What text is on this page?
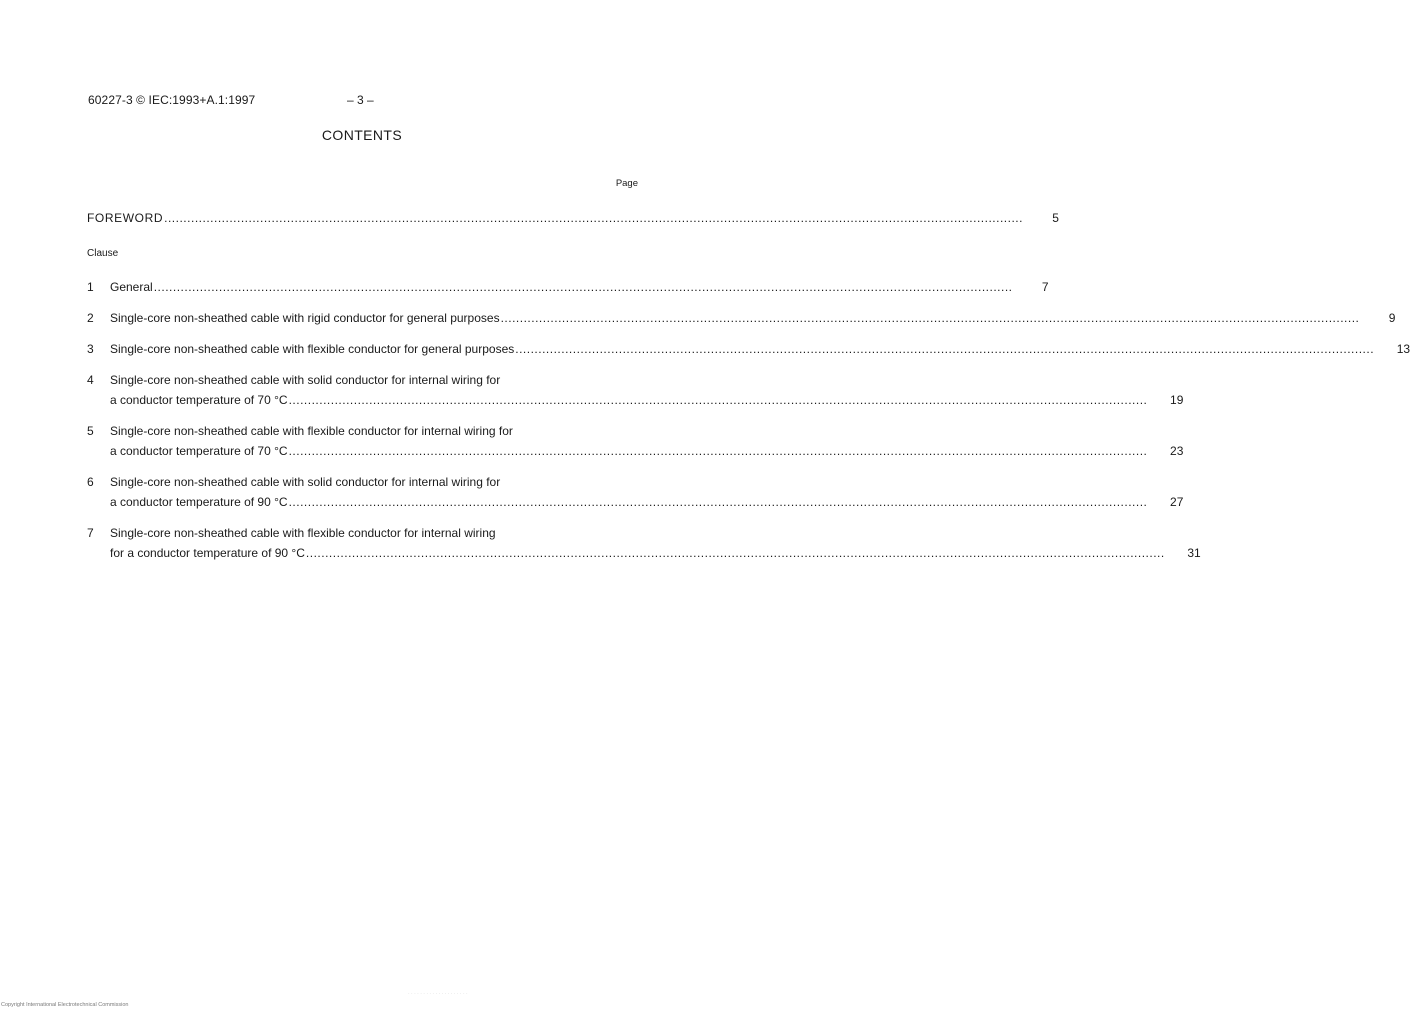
60227-3 © IEC:1993+A.1:1997	– 3 –
CONTENTS
Page
FOREWORD .....	5
Clause
1	General .....	7
2	Single-core non-sheathed cable with rigid conductor for general purposes .....	9
3	Single-core non-sheathed cable with flexible conductor for general purposes .....	13
4	Single-core non-sheathed cable with solid conductor for internal wiring for
a conductor temperature of 70 °C .....	19
5	Single-core non-sheathed cable with flexible conductor for internal wiring for
a conductor temperature of 70 °C .....	23
6	Single-core non-sheathed cable with solid conductor for internal wiring for
a conductor temperature of 90 °C .....	27
7	Single-core non-sheathed cable with flexible conductor for internal wiring
for a conductor temperature of 90 °C .....	31
· · · · · · · · · · · · · · · · · · · ·
Copyright International Electrotechnical Commission
